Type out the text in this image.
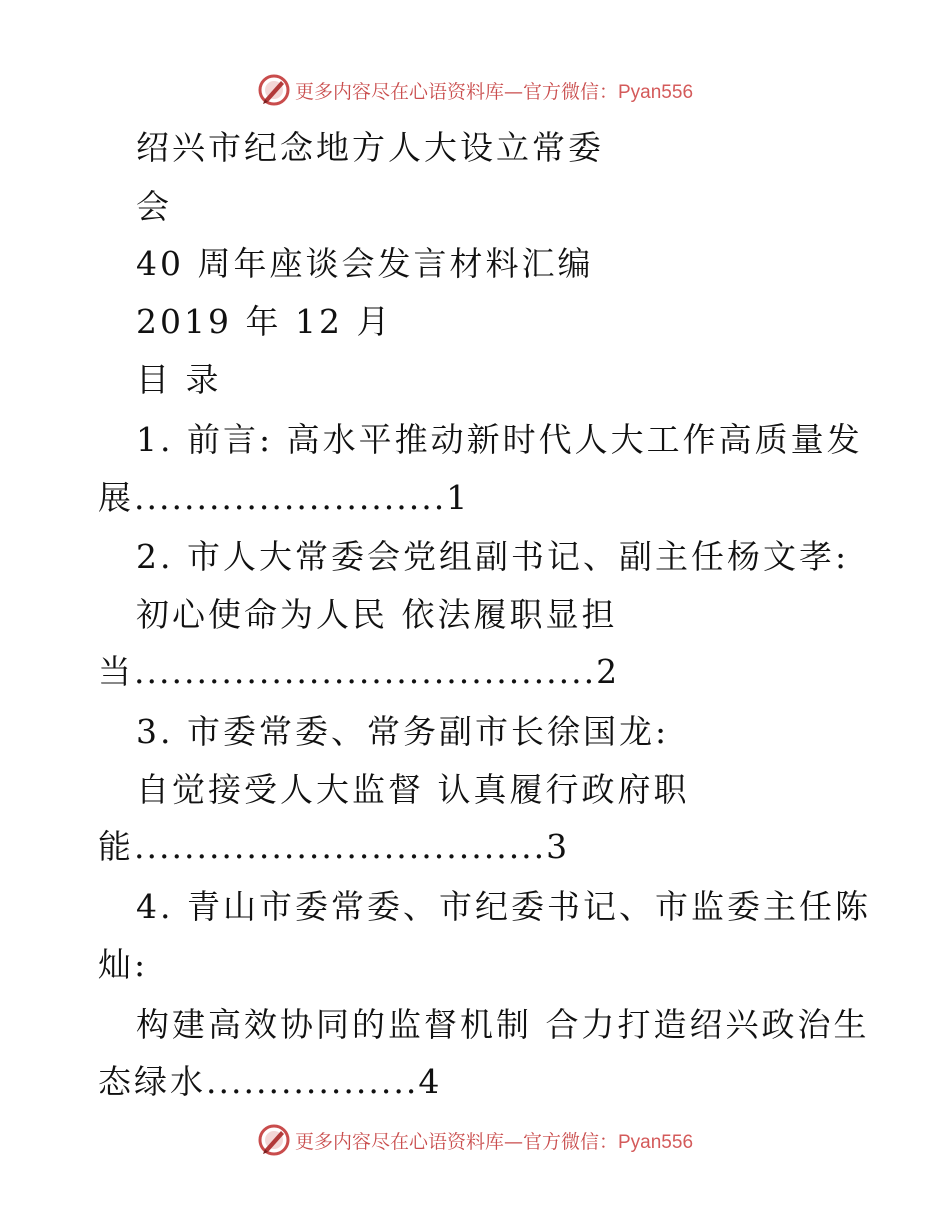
更多内容尽在心语资料库—官方微信：Pyan556
绍兴市纪念地方人大设立常委
会
40 周年座谈会发言材料汇编
2019 年 12 月
目 录
1. 前言: 高水平推动新时代人大工作高质量发
展.........................1
2. 市人大常委会党组副书记、副主任杨文孝:
初心使命为人民 依法履职显担
当.....................................2
3. 市委常委、常务副市长徐国龙:
自觉接受人大监督 认真履行政府职
能.................................3
4. 青山市委常委、市纪委书记、市监委主任陈
灿:
构建高效协同的监督机制 合力打造绍兴政治生
态绿水.................4
更多内容尽在心语资料库—官方微信：Pyan556
